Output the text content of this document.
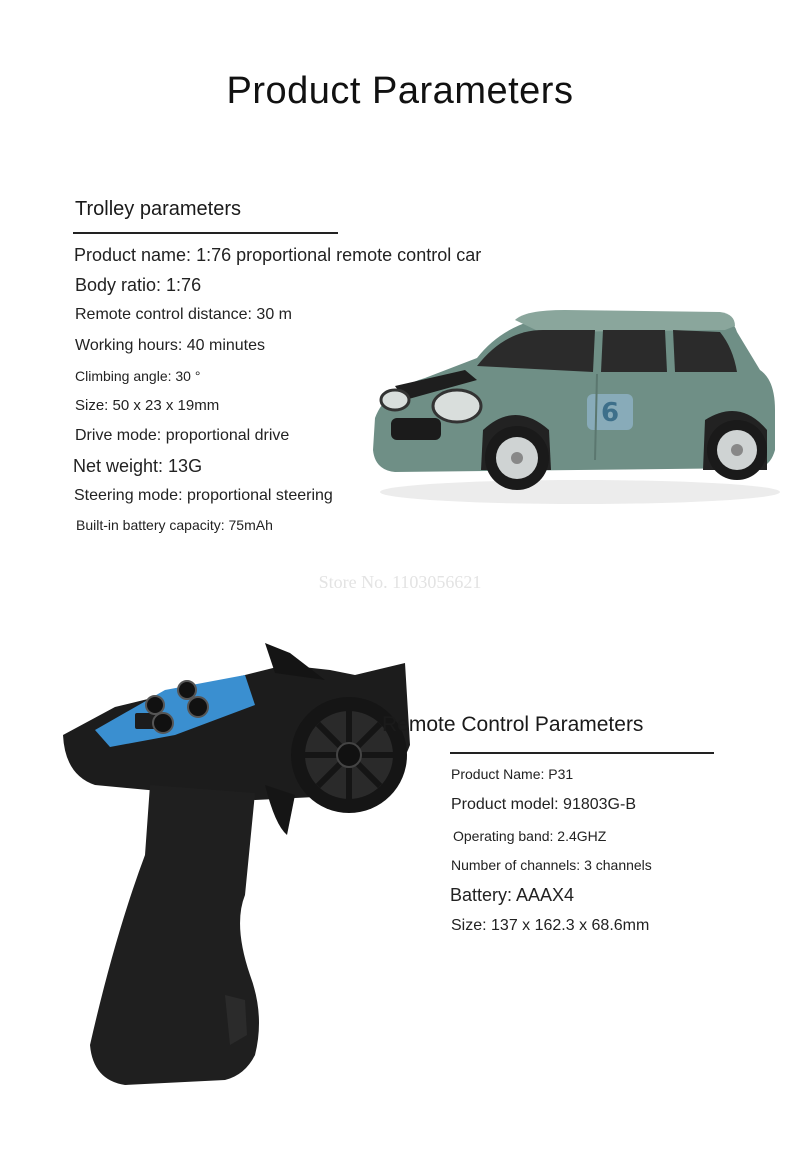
Product Parameters
Trolley parameters
Product name: 1:76 proportional remote control car
Body ratio: 1:76
Remote control distance: 30 m
Working hours: 40 minutes
Climbing angle: 30 °
Size: 50 x 23 x 19mm
Drive mode: proportional drive
Net weight: 13G
Steering mode: proportional steering
Built-in battery capacity: 75mAh
6
Store No. 1103056621
Remote Control Parameters
Product Name: P31
Product model: 91803G-B
Operating band: 2.4GHZ
Number of channels: 3 channels
Battery: AAAX4
Size: 137 x 162.3 x 68.6mm
